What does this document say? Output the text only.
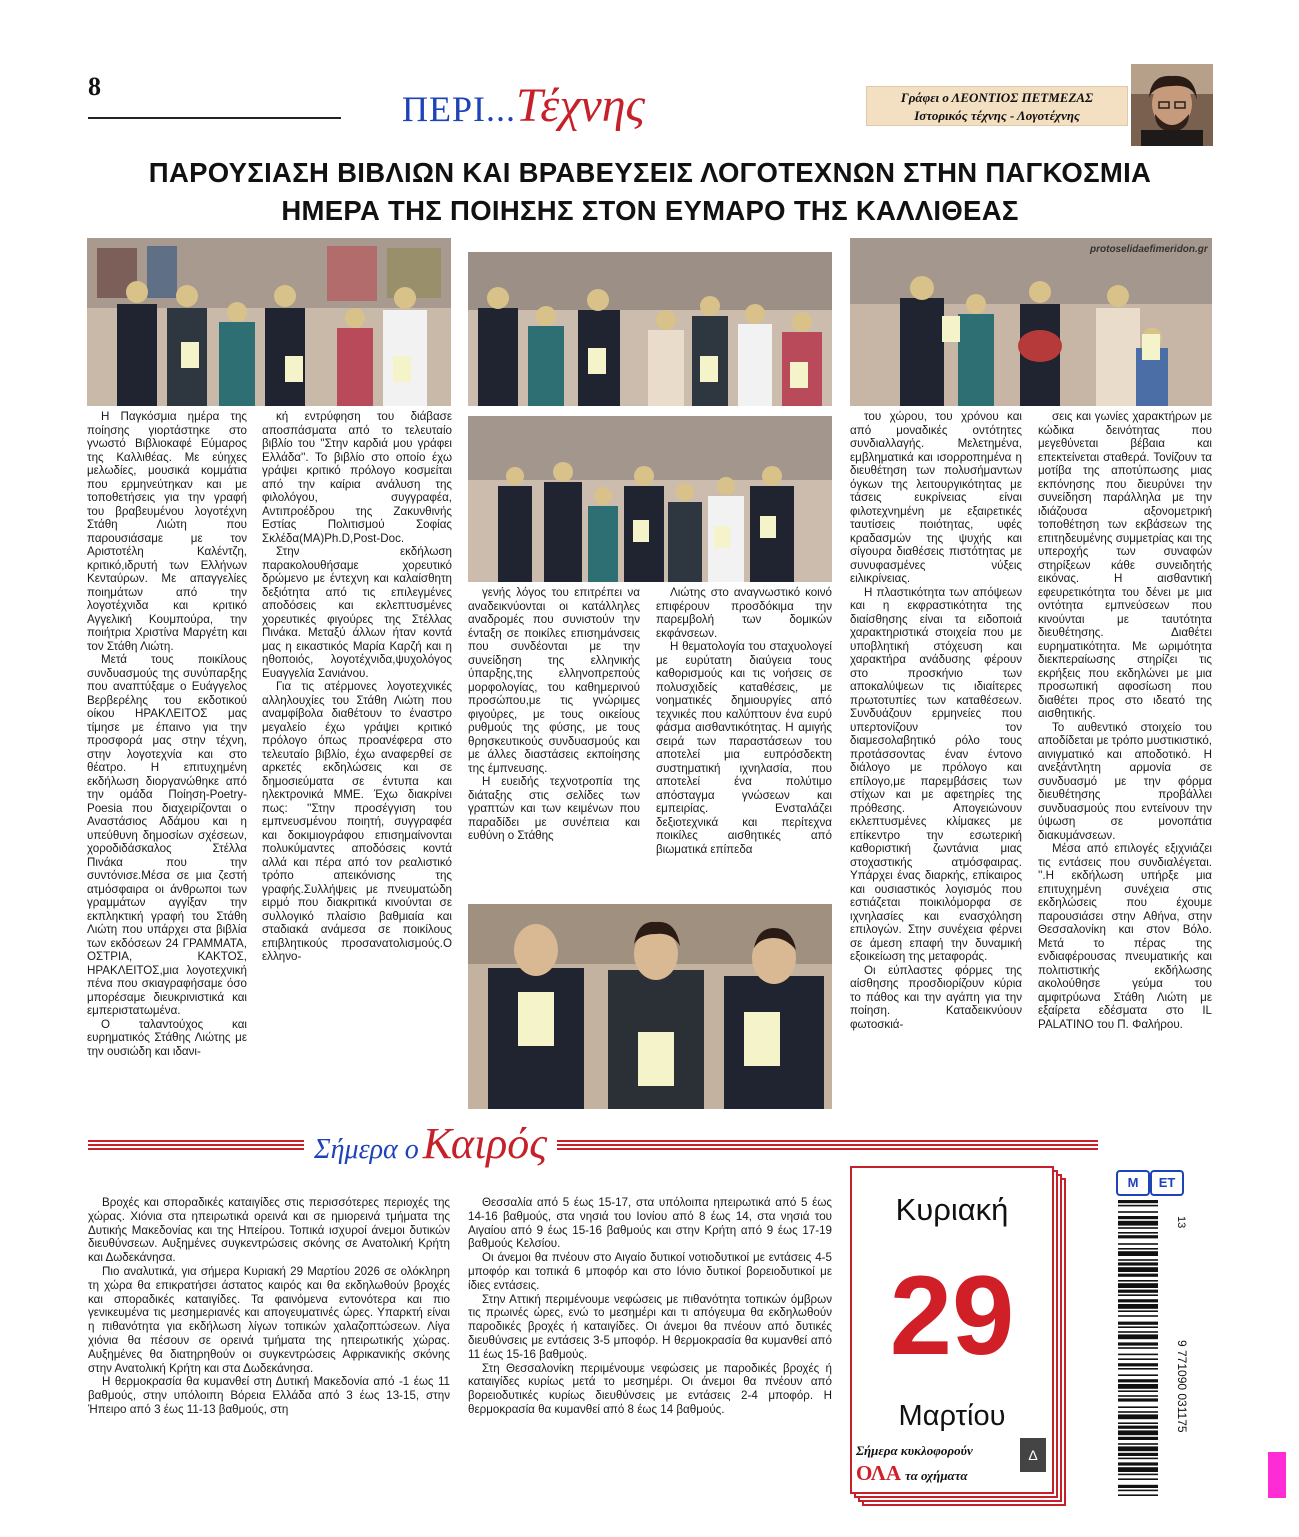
8
ΠΕΡΙ...Τέχνης	Γράφει ο ΛΕΟΝΤΙΟΣ ΠΕΤΜΕΖΑΣ
Ιστορικός τέχνης - Λογοτέχνης
ΠΑΡΟΥΣΙΑΣΗ ΒΙΒΛΙΩΝ ΚΑΙ ΒΡΑΒΕΥΣΕΙΣ ΛΟΓΟΤΕΧΝΩΝ ΣΤΗΝ ΠΑΓΚΟΣΜΙΑ
ΗΜΕΡΑ ΤΗΣ ΠΟΙΗΣΗΣ ΣΤΟΝ ΕΥΜΑΡΟ ΤΗΣ ΚΑΛΛΙΘΕΑΣ
protoselidaefimeridon.gr

Η Παγκόσμια ημέρα της ποίησης γιορτάστηκε στο γνωστό Βιβλιοκαφέ Εύμαρος της Καλλιθέας. Με εύηχες μελωδίες, μουσικά κομμάτια που ερμηνεύτηκαν και με τοποθετήσεις για την γραφή του βραβευμένου λογοτέχνη Στάθη Λιώτη που παρουσιάσαμε με τον Αριστοτέλη Καλέντζη, κριτικό,ιδρυτή των Ελλήνων Κενταύρων. Με απαγγελίες ποιημάτων από την λογοτέχνιδα και κριτικό Αγγελική Κουμπούρα, την ποιήτρια Χριστίνα Μαργέτη και τον Στάθη Λιώτη.

Μετά τους ποικίλους συνδυασμούς της συνύπαρξης που αναπτύξαμε ο Ευάγγελος Βερβερέλης του εκδοτικού οίκου ΗΡΑΚΛΕΙΤΟΣ μας τίμησε με έπαινο για την προσφορά μας στην τέχνη, στην λογοτεχνία και στο θέατρο. Η επιτυχημένη εκδήλωση διοργανώθηκε από την ομάδα Ποίηση-Poetry-Poesia που διαχειρίζονται ο Αναστάσιος Αδάμου και η υπεύθυνη δημοσίων σχέσεων, χοροδιδάσκαλος Στέλλα Πινάκα που την συντόνισε.Μέσα σε μια ζεστή ατμόσφαιρα οι άνθρωποι των γραμμάτων αγγίξαν την εκπληκτική γραφή του Στάθη Λιώτη που υπάρχει στα βιβλία των εκδόσεων 24 ΓΡΑΜΜΑΤΑ, ΟΣΤΡΙΑ, ΚΑΚΤΟΣ, ΗΡΑΚΛΕΙΤΟΣ,μια λογοτεχνική πένα που σκιαγραφήσαμε όσο μπορέσαμε διευκρινιστικά και εμπεριστατωμένα.

Ο ταλαντούχος και ευρηματικός Στάθης Λιώτης με την ουσιώδη και ιδανι-

κή εντρύφηση του διάβασε αποσπάσματα από το τελευταίο βιβλίο του ''Στην καρδιά μου γράφει Ελλάδα''. Το βιβλίο στο οποίο έχω γράψει κριτικό πρόλογο κοσμείται από την καίρια ανάλυση της φιλολόγου, συγγραφέα, Αντιπροέδρου της Ζακυνθινής Εστίας Πολιτισμού Σοφίας Σκλέδα(ΜΑ)Ph.D,Post-Doc.

Στην εκδήλωση παρακολουθήσαμε χορευτικό δρώμενο με έντεχνη και καλαίσθητη δεξιότητα από τις επιλεγμένες αποδόσεις και εκλεπτυσμένες χορευτικές φιγούρες της Στέλλας Πινάκα. Μεταξύ άλλων ήταν κοντά μας η εικαστικός Μαρία Καρζή και η ηθοποιός, λογοτέχνιδα,ψυχολόγος Ευαγγελία Σανιάνου.

Για τις ατέρμονες λογοτεχνικές αλληλουχίες του Στάθη Λιώτη που αναμφίβολα διαθέτουν το έναστρο μεγαλείο έχω γράψει κριτικό πρόλογο όπως προανέφερα στο τελευταίο βιβλίο, έχω αναφερθεί σε αρκετές εκδηλώσεις και σε δημοσιεύματα σε έντυπα και ηλεκτρονικά ΜΜΕ. Έχω διακρίνει πως: ''Στην προσέγγιση του εμπνευσμένου ποιητή, συγγραφέα και δοκιμιογράφου επισημαίνονται πολυκύμαντες αποδόσεις κοντά αλλά και πέρα από τον ρεαλιστικό τρόπο απεικόνισης της γραφής.Συλλήψεις με πνευματώδη ειρμό που διακριτικά κινούνται σε συλλογικό πλαίσιο βαθμιαία και σταδιακά ανάμεσα σε ποικίλους επιβλητικούς προσανατολισμούς.Ο ελληνο-

γενής λόγος του επιτρέπει να αναδεικνύονται οι κατάλληλες αναδρομές που συνιστούν την ένταξη σε ποικίλες επισημάνσεις που συνδέονται με την συνείδηση της ελληνικής ύπαρξης,της ελληνοπρεπούς μορφολογίας, του καθημερινού προσώπου,με τις γνώριμες φιγούρες, με τους οικείους ρυθμούς της φύσης, με τους θρησκευτικούς συνδυασμούς και με άλλες διαστάσεις εκποίησης της έμπνευσης.

Η ευειδής τεχνοτροπία της διάταξης στις σελίδες των γραπτών και των κειμένων που παραδίδει με συνέπεια και ευθύνη ο Στάθης

Λιώτης στο αναγνωστικό κοινό επιφέρουν προσδόκιμα την παρεμβολή των δομικών εκφάνσεων.

Η θεματολογία του σταχυολογεί με ευρύτατη διαύγεια τους καθορισμούς και τις νοήσεις σε πολυσχιδείς καταθέσεις, με νοηματικές δημιουργίες από τεχνικές που καλύπτουν ένα ευρύ φάσμα αισθαντικότητας. Η αμιγής σειρά των παραστάσεων του αποτελεί μια ευπρόσδεκτη συστηματική ιχνηλασία, που αποτελεί ένα πολύτιμο απόσταγμα γνώσεων και εμπειρίας. Ενσταλάζει δεξιοτεχνικά και περίτεχνα ποικίλες αισθητικές από βιωματικά επίπεδα

του χώρου, του χρόνου και από μοναδικές οντότητες συνδιαλλαγής. Μελετημένα, εμβληματικά και ισορροπημένα η διευθέτηση των πολυσήμαντων όγκων της λειτουργικότητας με τάσεις ευκρίνειας είναι φιλοτεχνημένη με εξαιρετικές ταυτίσεις ποιότητας, υφές κραδασμών της ψυχής και σίγουρα διαθέσεις πιστότητας με συνυφασμένες νύξεις ειλικρίνειας.

Η πλαστικότητα των απόψεων και η εκφραστικότητα της διαίσθησης είναι τα ειδοποιά χαρακτηριστικά στοιχεία που με υποβλητική στόχευση και χαρακτήρα ανάδυσης φέρουν στο προσκήνιο των αποκαλύψεων τις ιδιαίτερες πρωτοτυπίες των καταθέσεων. Συνδυάζουν ερμηνείες που υπερτονίζουν τον διαμεσολαβητικό ρόλο τους προτάσσοντας έναν έντονο διάλογο με πρόλογο και επίλογο,με παρεμβάσεις των στίχων και με αφετηρίες της πρόθεσης. Απογειώνουν εκλεπτυσμένες κλίμακες με επίκεντρο την εσωτερική καθοριστική ζωντάνια μιας στοχαστικής ατμόσφαιρας. Υπάρχει ένας διαρκής, επίκαιρος και ουσιαστικός λογισμός που εστιάζεται ποικιλόμορφα σε ιχνηλασίες και ενασχόληση επιλογών. Στην συνέχεια φέρνει σε άμεση επαφή την δυναμική εξοικείωση της μεταφοράς.

Οι εύπλαστες φόρμες της αίσθησης προσδιορίζουν κύρια το πάθος και την αγάπη για την ποίηση. Καταδεικνύουν φωτοσκιά-

σεις και γωνίες χαρακτήρων με κώδικα δεινότητας που μεγεθύνεται βέβαια και επεκτείνεται σταθερά. Τονίζουν τα μοτίβα της αποτύπωσης μιας εκπόνησης που διευρύνει την συνείδηση παράλληλα με την ιδιάζουσα αξονομετρική τοποθέτηση των εκβάσεων της επιτηδευμένης συμμετρίας και της υπεροχής των συναφών στηρίξεων κάθε συνειδητής εικόνας. Η αισθαντική εφευρετικότητα του δένει με μια οντότητα εμπνεύσεων που κινούνται με ταυτότητα διευθέτησης. Διαθέτει ευρηματικότητα. Με ωριμότητα διεκπεραίωσης στηρίζει τις εκρήξεις που εκδηλώνει με μια προσωπική αφοσίωση που διαθέτει προς στο ιδεατό της αισθητικής.

Το αυθεντικό στοιχείο του αποδίδεται με τρόπο μυστικιστικό, αινιγματικό και αποδοτικό. Η ανεξάντλητη αρμονία σε συνδυασμό με την φόρμα διευθέτησης προβάλλει συνδυασμούς που εντείνουν την ύψωση σε μονοπάτια διακυμάνσεων.

Μέσα από επιλογές εξιχνιάζει τις εντάσεις που συνδιαλέγεται. ''.Η εκδήλωση υπήρξε μια επιτυχημένη συνέχεια στις εκδηλώσεις που έχουμε παρουσιάσει στην Αθήνα, στην Θεσσαλονίκη και στον Βόλο. Μετά το πέρας της ενδιαφέρουσας πνευματικής και πολιτιστικής εκδήλωσης ακολούθησε γεύμα του αμφιτρύωνα Στάθη Λιώτη με εξαίρετα εδέσματα στο IL PALATINO του Π. Φαλήρου.

Σήμερα ο Καιρός

Βροχές και σποραδικές καταιγίδες στις περισσότερες περιοχές της χώρας. Χιόνια στα ηπειρωτικά ορεινά και σε ημιορεινά τμήματα της Δυτικής Μακεδονίας και της Ηπείρου. Τοπικά ισχυροί άνεμοι δυτικών διευθύνσεων. Αυξημένες συγκεντρώσεις σκόνης σε Ανατολική Κρήτη και Δωδεκάνησα.

Πιο αναλυτικά, για σήμερα Κυριακή 29 Μαρτίου 2026 σε ολόκληρη τη χώρα θα επικρατήσει άστατος καιρός και θα εκδηλωθούν βροχές και σποραδικές καταιγίδες. Τα φαινόμενα εντονότερα και πιο γενικευμένα τις μεσημεριανές και απογευματινές ώρες. Υπαρκτή είναι η πιθανότητα για εκδήλωση λίγων τοπικών χαλαζοπτώσεων. Λίγα χιόνια θα πέσουν σε ορεινά τμήματα της ηπειρωτικής χώρας. Αυξημένες θα διατηρηθούν οι συγκεντρώσεις Αφρικανικής σκόνης στην Ανατολική Κρήτη και στα Δωδεκάνησα.

Η θερμοκρασία θα κυμανθεί στη Δυτική Μακεδονία από -1 έως 11 βαθμούς, στην υπόλοιπη Βόρεια Ελλάδα από 3 έως 13-15, στην Ήπειρο από 3 έως 11-13 βαθμούς, στη

Θεσσαλία από 5 έως 15-17, στα υπόλοιπα ηπειρωτικά από 5 έως 14-16 βαθμούς, στα νησιά του Ιονίου από 8 έως 14, στα νησιά του Αιγαίου από 9 έως 15-16 βαθμούς και στην Κρήτη από 9 έως 17-19 βαθμούς Κελσίου.

Οι άνεμοι θα πνέουν στο Αιγαίο δυτικοί νοτιοδυτικοί με εντάσεις 4-5 μποφόρ και τοπικά 6 μποφόρ και στο Ιόνιο δυτικοί βορειοδυτικοί με ίδιες εντάσεις.

Στην Αττική περιμένουμε νεφώσεις με πιθανότητα τοπικών όμβρων τις πρωινές ώρες, ενώ το μεσημέρι και τι απόγευμα θα εκδηλωθούν παροδικές βροχές ή καταιγίδες. Οι άνεμοι θα πνέουν από δυτικές διευθύνσεις με εντάσεις 3-5 μποφόρ. Η θερμοκρασία θα κυμανθεί από 11 έως 15-16 βαθμούς.

Στη Θεσσαλονίκη περιμένουμε νεφώσεις με παροδικές βροχές ή καταιγίδες κυρίως μετά το μεσημέρι. Οι άνεμοι θα πνέουν από βορειοδυτικές κυρίως διευθύνσεις με εντάσεις 2-4 μποφόρ. Η θερμοκρασία θα κυμανθεί από 8 έως 14 βαθμούς.

Κυριακή
29
Μαρτίου
Σήμερα κυκλοφορούν
ΟΛΑ τα οχήματα
Δ
M ET
13
9 771090 031175
